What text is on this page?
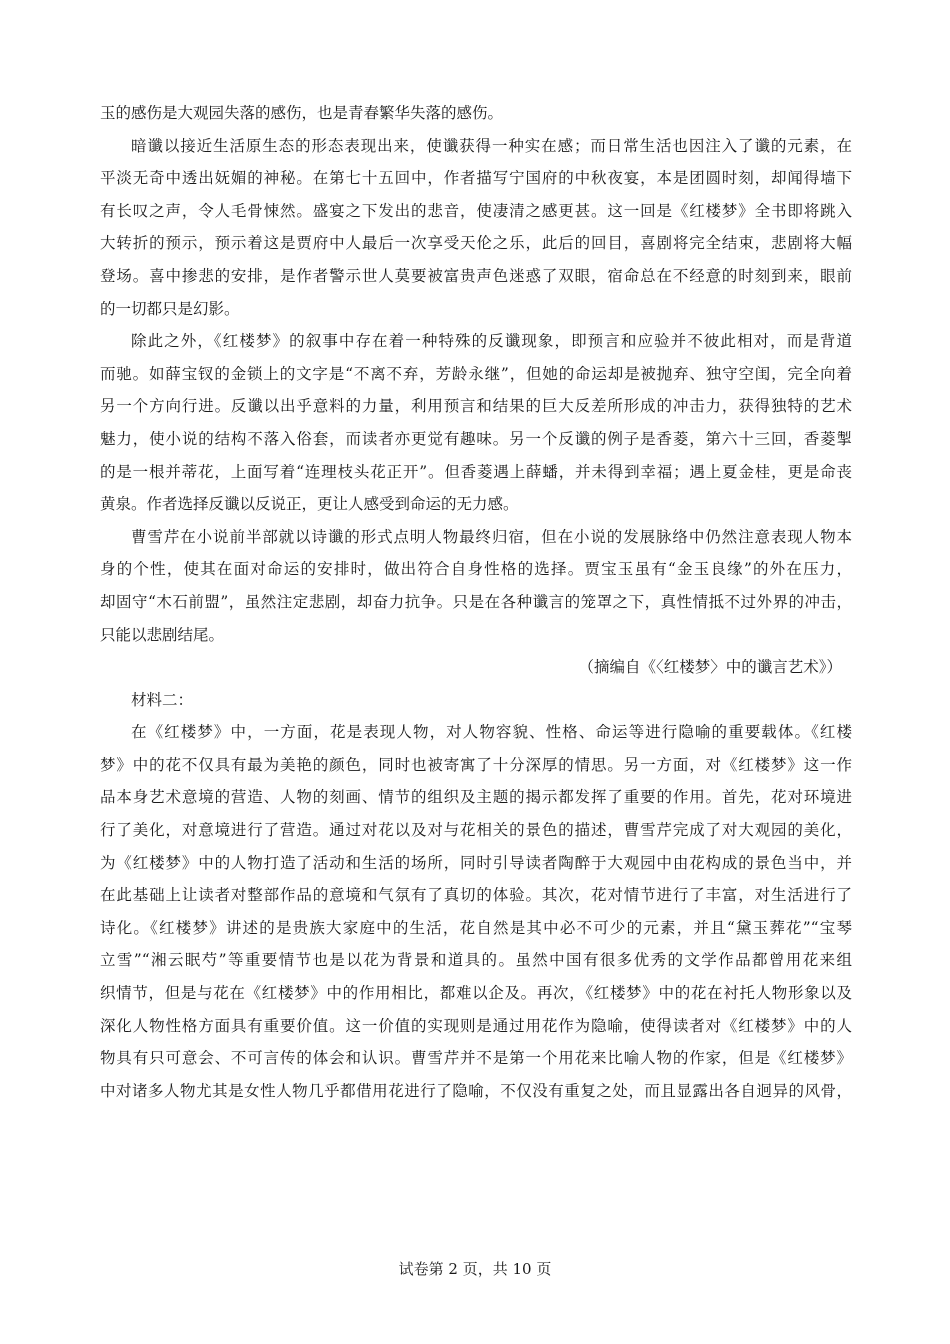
玉的感伤是大观园失落的感伤，也是青春繁华失落的感伤。
暗谶以接近生活原生态的形态表现出来，使谶获得一种实在感；而日常生活也因注入了谶的元素，在
平淡无奇中透出妩媚的神秘。在第七十五回中，作者描写宁国府的中秋夜宴，本是团圆时刻，却闻得墙下
有长叹之声，令人毛骨悚然。盛宴之下发出的悲音，使凄清之感更甚。这一回是《红楼梦》全书即将跳入
大转折的预示，预示着这是贾府中人最后一次享受天伦之乐，此后的回目，喜剧将完全结束，悲剧将大幅
登场。喜中掺悲的安排，是作者警示世人莫要被富贵声色迷惑了双眼，宿命总在不经意的时刻到来，眼前
的一切都只是幻影。
除此之外，《红楼梦》的叙事中存在着一种特殊的反谶现象，即预言和应验并不彼此相对，而是背道
而驰。如薛宝钗的金锁上的文字是“不离不弃，芳龄永继”，但她的命运却是被抛弃、独守空闺，完全向着
另一个方向行进。反谶以出乎意料的力量，利用预言和结果的巨大反差所形成的冲击力，获得独特的艺术
魅力，使小说的结构不落入俗套，而读者亦更觉有趣味。另一个反谶的例子是香菱，第六十三回，香菱掣
的是一根并蒂花，上面写着“连理枝头花正开”。但香菱遇上薛蟠，并未得到幸福；遇上夏金桂，更是命丧
黄泉。作者选择反谶以反说正，更让人感受到命运的无力感。
曹雪芹在小说前半部就以诗谶的形式点明人物最终归宿，但在小说的发展脉络中仍然注意表现人物本
身的个性，使其在面对命运的安排时，做出符合自身性格的选择。贾宝玉虽有“金玉良缘”的外在压力，
却固守“木石前盟”，虽然注定悲剧，却奋力抗争。只是在各种谶言的笼罩之下，真性情抵不过外界的冲击，
只能以悲剧结尾。
（摘编自《〈红楼梦〉中的谶言艺术》）
材料二：
在《红楼梦》中，一方面，花是表现人物，对人物容貌、性格、命运等进行隐喻的重要载体。《红楼
梦》中的花不仅具有最为美艳的颜色，同时也被寄寓了十分深厚的情思。另一方面，对《红楼梦》这一作
品本身艺术意境的营造、人物的刻画、情节的组织及主题的揭示都发挥了重要的作用。首先，花对环境进
行了美化，对意境进行了营造。通过对花以及对与花相关的景色的描述，曹雪芹完成了对大观园的美化，
为《红楼梦》中的人物打造了活动和生活的场所，同时引导读者陶醉于大观园中由花构成的景色当中，并
在此基础上让读者对整部作品的意境和气氛有了真切的体验。其次，花对情节进行了丰富，对生活进行了
诗化。《红楼梦》讲述的是贵族大家庭中的生活，花自然是其中必不可少的元素，并且“黛玉葬花”“宝琴
立雪”“湘云眠芍”等重要情节也是以花为背景和道具的。虽然中国有很多优秀的文学作品都曾用花来组
织情节，但是与花在《红楼梦》中的作用相比，都难以企及。再次，《红楼梦》中的花在衬托人物形象以及
深化人物性格方面具有重要价值。这一价值的实现则是通过用花作为隐喻，使得读者对《红楼梦》中的人
物具有只可意会、不可言传的体会和认识。曹雪芹并不是第一个用花来比喻人物的作家，但是《红楼梦》
中对诸多人物尤其是女性人物几乎都借用花进行了隐喻，不仅没有重复之处，而且显露出各自迥异的风骨，
试卷第 2 页，共 10 页
